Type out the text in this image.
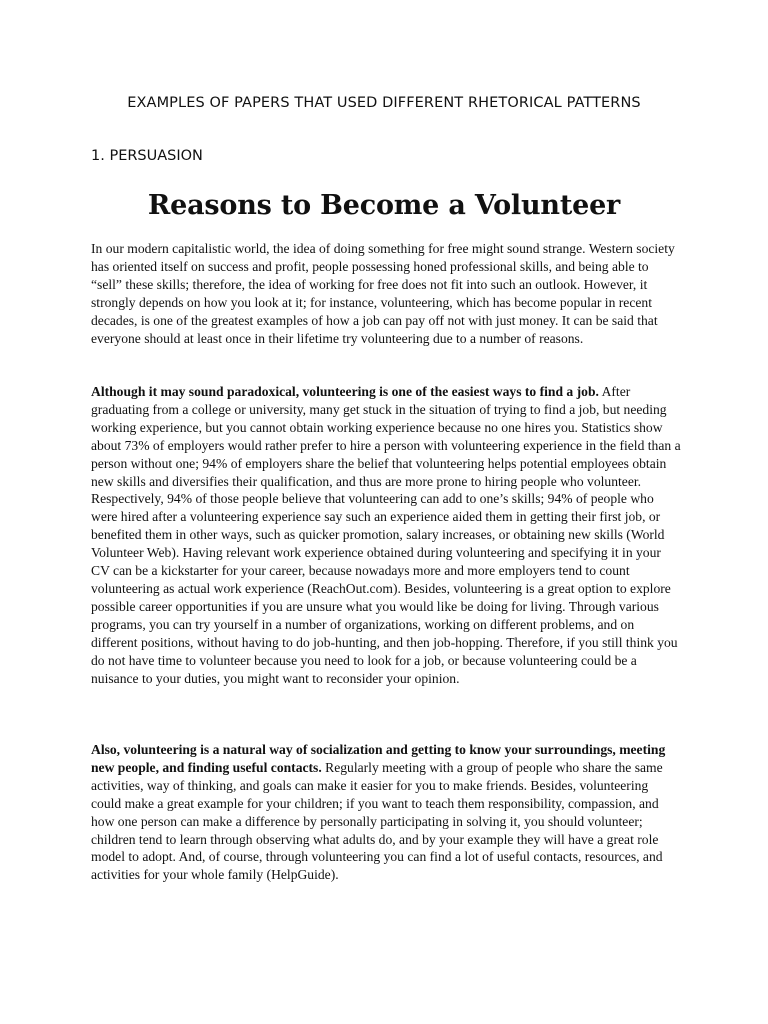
EXAMPLES OF PAPERS THAT USED DIFFERENT RHETORICAL PATTERNS
1. PERSUASION
Reasons to Become a Volunteer

In our modern capitalistic world, the idea of doing something for free might sound strange. Western society has oriented itself on success and profit, people possessing honed professional skills, and being able to “sell” these skills; therefore, the idea of working for free does not fit into such an outlook. However, it strongly depends on how you look at it; for instance, volunteering, which has become popular in recent decades, is one of the greatest examples of how a job can pay off not with just money. It can be said that everyone should at least once in their lifetime try volunteering due to a number of reasons.

Although it may sound paradoxical, volunteering is one of the easiest ways to find a job. After graduating from a college or university, many get stuck in the situation of trying to find a job, but needing working experience, but you cannot obtain working experience because no one hires you. Statistics show about 73% of employers would rather prefer to hire a person with volunteering experience in the field than a person without one; 94% of employers share the belief that volunteering helps potential employees obtain new skills and diversifies their qualification, and thus are more prone to hiring people who volunteer. Respectively, 94% of those people believe that volunteering can add to one’s skills; 94% of people who were hired after a volunteering experience say such an experience aided them in getting their first job, or benefited them in other ways, such as quicker promotion, salary increases, or obtaining new skills (World Volunteer Web). Having relevant work experience obtained during volunteering and specifying it in your CV can be a kickstarter for your career, because nowadays more and more employers tend to count volunteering as actual work experience (ReachOut.com). Besides, volunteering is a great option to explore possible career opportunities if you are unsure what you would like be doing for living. Through various programs, you can try yourself in a number of organizations, working on different problems, and on different positions, without having to do job-hunting, and then job-hopping. Therefore, if you still think you do not have time to volunteer because you need to look for a job, or because volunteering could be a nuisance to your duties, you might want to reconsider your opinion.

Also, volunteering is a natural way of socialization and getting to know your surroundings, meeting new people, and finding useful contacts. Regularly meeting with a group of people who share the same activities, way of thinking, and goals can make it easier for you to make friends. Besides, volunteering could make a great example for your children; if you want to teach them responsibility, compassion, and how one person can make a difference by personally participating in solving it, you should volunteer; children tend to learn through observing what adults do, and by your example they will have a great role model to adopt. And, of course, through volunteering you can find a lot of useful contacts, resources, and activities for your whole family (HelpGuide).
